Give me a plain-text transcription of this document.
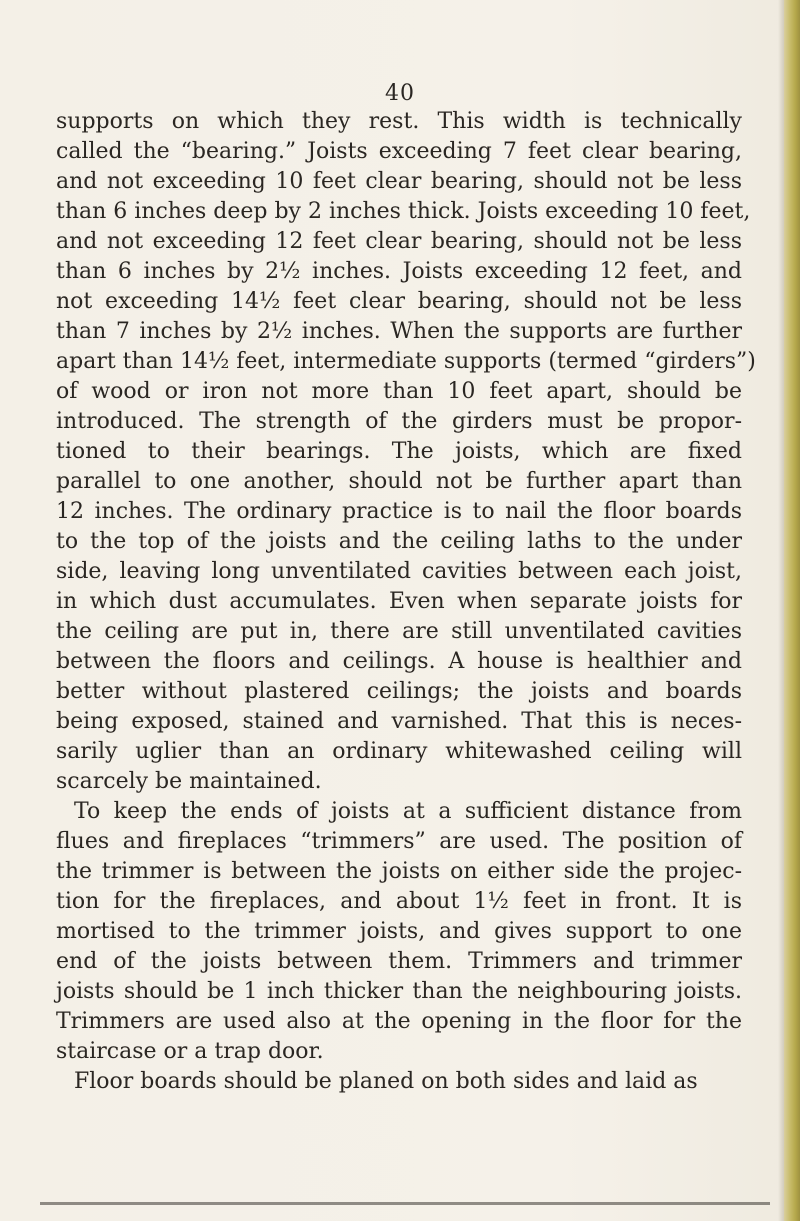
40
supports on which they rest. This width is technically
called the “bearing.” Joists exceeding 7 feet clear bearing,
and not exceeding 10 feet clear bearing, should not be less
than 6 inches deep by 2 inches thick. Joists exceeding 10 feet,
and not exceeding 12 feet clear bearing, should not be less
than 6 inches by 2½ inches. Joists exceeding 12 feet, and
not exceeding 14½ feet clear bearing, should not be less
than 7 inches by 2½ inches. When the supports are further
apart than 14½ feet, intermediate supports (termed “girders”)
of wood or iron not more than 10 feet apart, should be
introduced. The strength of the girders must be propor-
tioned to their bearings. The joists, which are fixed
parallel to one another, should not be further apart than
12 inches. The ordinary practice is to nail the floor boards
to the top of the joists and the ceiling laths to the under
side, leaving long unventilated cavities between each joist,
in which dust accumulates. Even when separate joists for
the ceiling are put in, there are still unventilated cavities
between the floors and ceilings. A house is healthier and
better without plastered ceilings; the joists and boards
being exposed, stained and varnished. That this is neces-
sarily uglier than an ordinary whitewashed ceiling will
scarcely be maintained.
To keep the ends of joists at a sufficient distance from
flues and fireplaces “trimmers” are used. The position of
the trimmer is between the joists on either side the projec-
tion for the fireplaces, and about 1½ feet in front. It is
mortised to the trimmer joists, and gives support to one
end of the joists between them. Trimmers and trimmer
joists should be 1 inch thicker than the neighbouring joists.
Trimmers are used also at the opening in the floor for the
staircase or a trap door.
Floor boards should be planed on both sides and laid as
